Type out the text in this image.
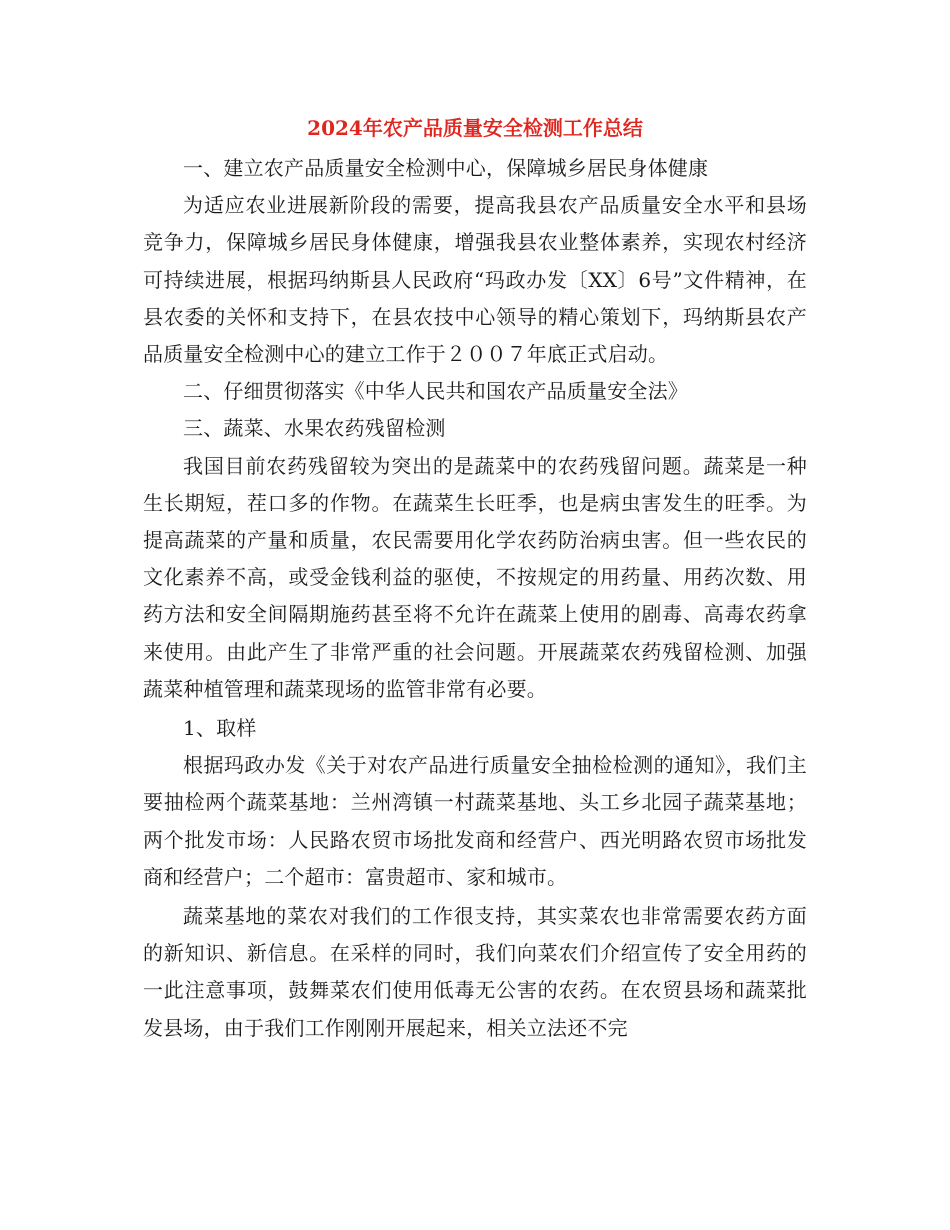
2024年农产品质量安全检测工作总结

一、建立农产品质量安全检测中心，保障城乡居民身体健康

为适应农业进展新阶段的需要，提高我县农产品质量安全水平和县场竞争力，保障城乡居民身体健康，增强我县农业整体素养，实现农村经济可持续进展，根据玛纳斯县人民政府“玛政办发〔XX〕6号”文件精神，在县农委的关怀和支持下，在县农技中心领导的精心策划下，玛纳斯县农产品质量安全检测中心的建立工作于２００７年底正式启动。

二、仔细贯彻落实《中华人民共和国农产品质量安全法》

三、蔬菜、水果农药残留检测

我国目前农药残留较为突出的是蔬菜中的农药残留问题。蔬菜是一种生长期短，茬口多的作物。在蔬菜生长旺季，也是病虫害发生的旺季。为提高蔬菜的产量和质量，农民需要用化学农药防治病虫害。但一些农民的文化素养不高，或受金钱利益的驱使，不按规定的用药量、用药次数、用药方法和安全间隔期施药甚至将不允许在蔬菜上使用的剧毒、高毒农药拿来使用。由此产生了非常严重的社会问题。开展蔬菜农药残留检测、加强蔬菜种植管理和蔬菜现场的监管非常有必要。

1、取样

根据玛政办发《关于对农产品进行质量安全抽检检测的通知》，我们主要抽检两个蔬菜基地：兰州湾镇一村蔬菜基地、头工乡北园子蔬菜基地；两个批发市场：人民路农贸市场批发商和经营户、西光明路农贸市场批发商和经营户；二个超市：富贵超市、家和城市。

蔬菜基地的菜农对我们的工作很支持，其实菜农也非常需要农药方面的新知识、新信息。在采样的同时，我们向菜农们介绍宣传了安全用药的一此注意事项，鼓舞菜农们使用低毒无公害的农药。在农贸县场和蔬菜批发县场，由于我们工作刚刚开展起来，相关立法还不完
